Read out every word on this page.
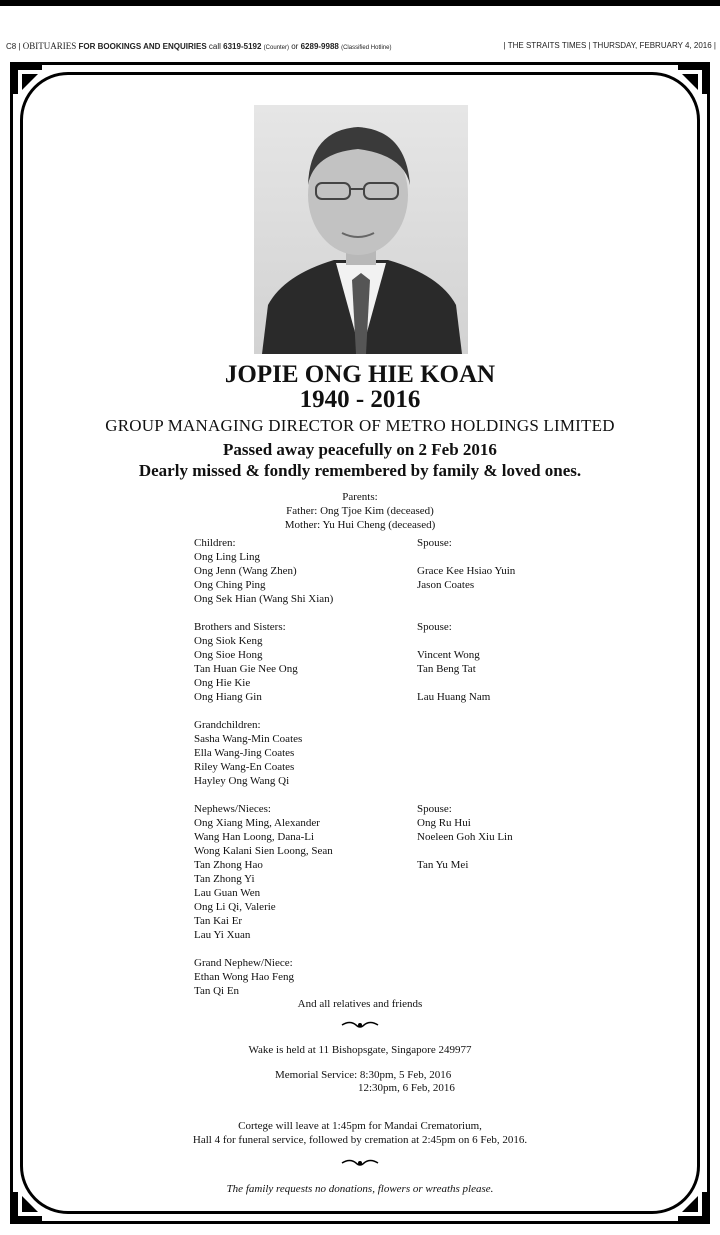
C8 | OBITUARIES FOR BOOKINGS AND ENQUIRIES call 6319-5192 (Counter) or 6289-9988 (Classified Hotline)	| THE STRAITS TIMES | THURSDAY, FEBRUARY 4, 2016 |
JOPIE ONG HIE KOAN
1940 - 2016
GROUP MANAGING DIRECTOR OF METRO HOLDINGS LIMITED
Passed away peacefully on 2 Feb 2016
Dearly missed & fondly remembered by family & loved ones.
Parents:
Father: Ong Tjoe Kim (deceased)
Mother: Yu Hui Cheng (deceased)
Children:
Ong Ling Ling
Ong Jenn (Wang Zhen)
Ong Ching Ping
Ong Sek Hian (Wang Shi Xian)
Brothers and Sisters:
Ong Siok Keng
Ong Sioe Hong
Tan Huan Gie Nee Ong
Ong Hie Kie
Ong Hiang Gin
Grandchildren:
Sasha Wang-Min Coates
Ella Wang-Jing Coates
Riley Wang-En Coates
Hayley Ong Wang Qi
Nephews/Nieces:
Ong Xiang Ming, Alexander
Wang Han Loong, Dana-Li
Wong Kalani Sien Loong, Sean
Tan Zhong Hao
Tan Zhong Yi
Lau Guan Wen
Ong Li Qi, Valerie
Tan Kai Er
Lau Yi Xuan
Grand Nephew/Niece:
Ethan Wong Hao Feng
Tan Qi En
Spouse:
Grace Kee Hsiao Yuin
Jason Coates
Spouse:
Vincent Wong
Tan Beng Tat
Lau Huang Nam
Spouse:
Ong Ru Hui
Noeleen Goh Xiu Lin
Tan Yu Mei
And all relatives and friends
Wake is held at 11 Bishopsgate, Singapore 249977
Memorial Service: 8:30pm, 5 Feb, 2016
12:30pm, 6 Feb, 2016
Cortege will leave at 1:45pm for Mandai Crematorium,
Hall 4 for funeral service, followed by cremation at 2:45pm on 6 Feb, 2016.
The family requests no donations, flowers or wreaths please.
